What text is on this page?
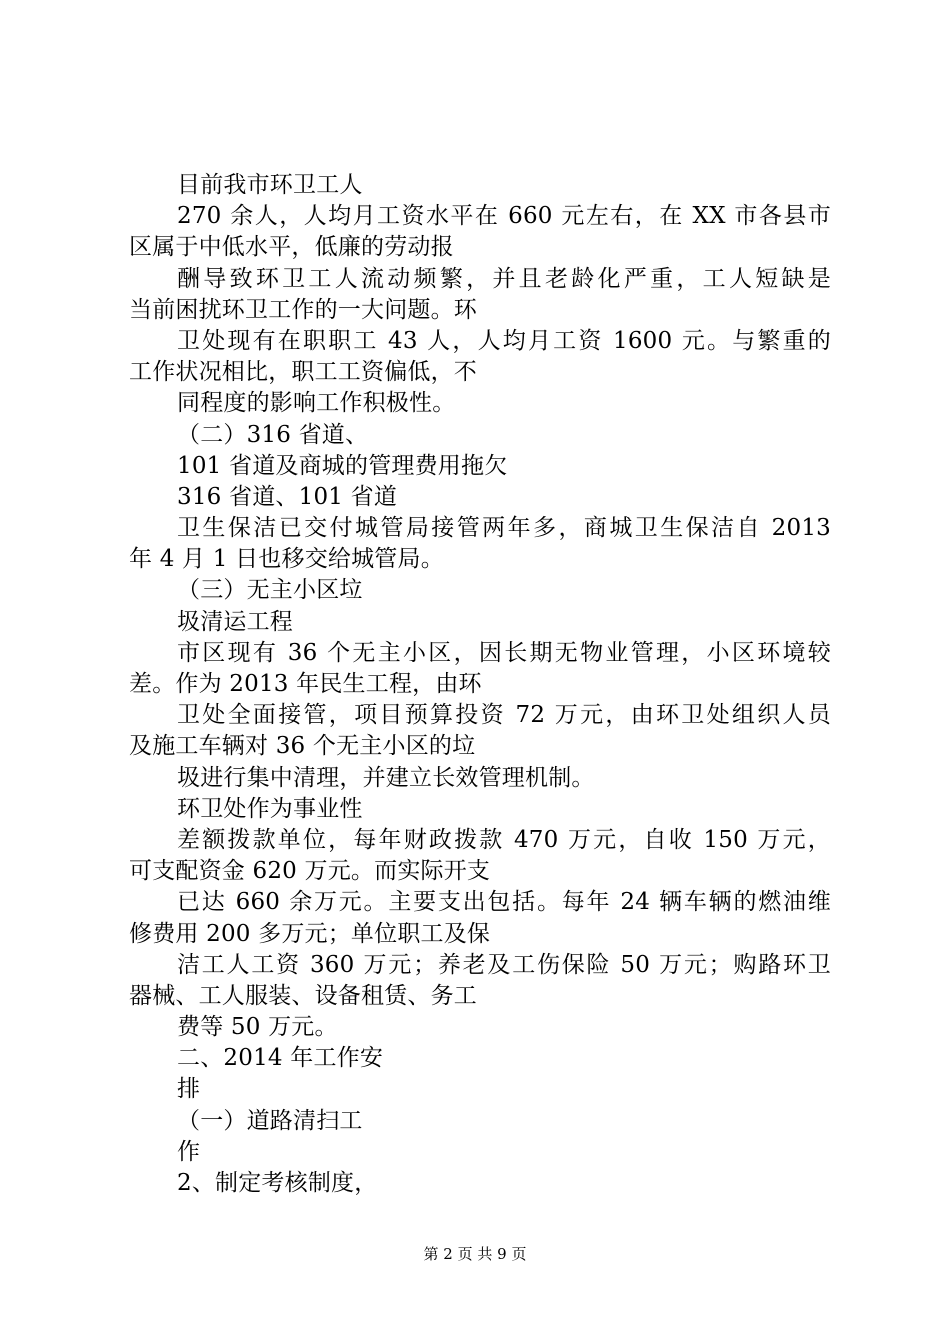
目前我市环卫工人
270 余人，人均月工资水平在 660 元左右，在 XX 市各县市
区属于中低水平，低廉的劳动报
酬导致环卫工人流动频繁，并且老龄化严重，工人短缺是
当前困扰环卫工作的一大问题。环
卫处现有在职职工 43 人，人均月工资 1600 元。与繁重的
工作状况相比，职工工资偏低，不
同程度的影响工作积极性。
（二）316 省道、
101 省道及商城的管理费用拖欠
316 省道、101 省道
卫生保洁已交付城管局接管两年多，商城卫生保洁自 2013
年 4 月 1 日也移交给城管局。
（三）无主小区垃
圾清运工程
市区现有 36 个无主小区，因长期无物业管理，小区环境较
差。作为 2013 年民生工程，由环
卫处全面接管，项目预算投资 72 万元，由环卫处组织人员
及施工车辆对 36 个无主小区的垃
圾进行集中清理，并建立长效管理机制。
环卫处作为事业性
差额拨款单位，每年财政拨款 470 万元，自收 150 万元，
可支配资金 620 万元。而实际开支
已达 660 余万元。主要支出包括。每年 24 辆车辆的燃油维
修费用 200 多万元；单位职工及保
洁工人工资 360 万元；养老及工伤保险 50 万元；购路环卫
器械、工人服装、设备租赁、务工
费等 50 万元。
二、2014 年工作安
排
（一）道路清扫工
作
2、制定考核制度，
第 2 页 共 9 页
